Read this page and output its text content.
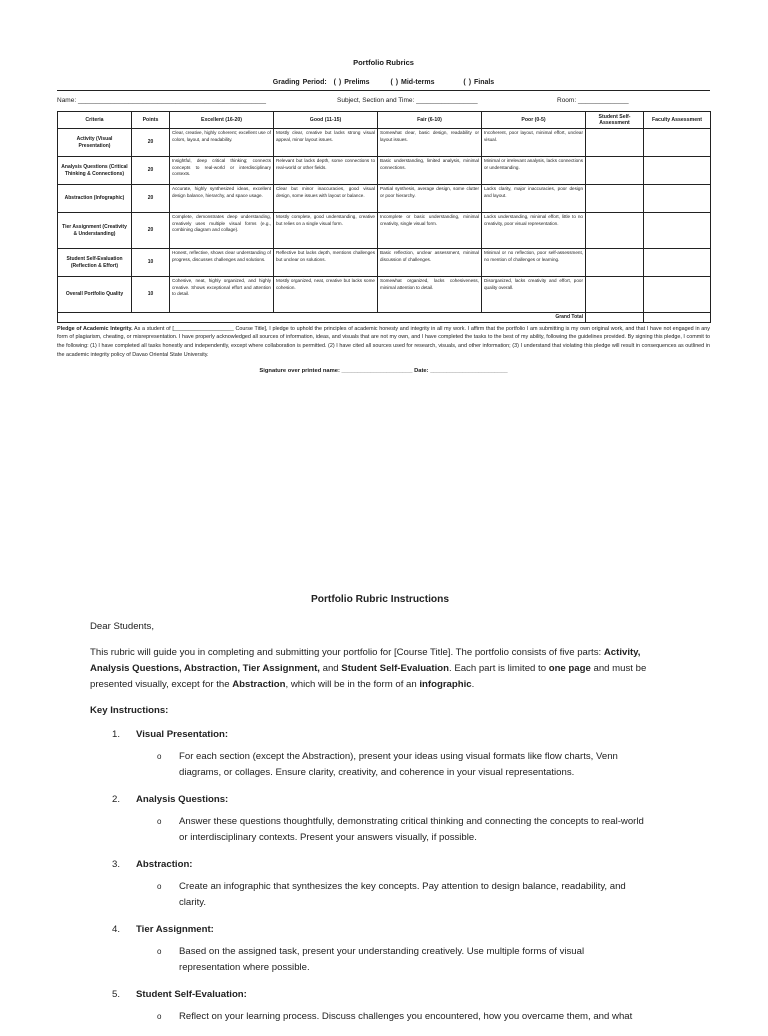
Portfolio Rubrics
Grading Period: ( ) Prelims	( ) Mid-terms	( ) Finals
Name: ____________________________________________________	Subject, Section and Time: _________________	Room: ______________
Criteria	Points	Excellent (16-20)	Good (11-15)	Fair (6-10)	Poor (0-5)	Student Self-Assessment	Faculty Assessment
Activity (Visual Presentation)	20	Clear, creative, highly coherent; excellent use of colors, layout, and readability.	Mostly clear, creative but lacks strong visual appeal, minor layout issues.	Somewhat clear, basic design, readability or layout issues.	Incoherent, poor layout, minimal effort, unclear visual.		
Analysis Questions (Critical Thinking & Connections)	20	Insightful, deep critical thinking; connects concepts to real-world or interdisciplinary contexts.	Relevant but lacks depth, some connections to real-world or other fields.	Basic understanding, limited analysis, minimal connections.	Minimal or irrelevant analysis, lacks connections or understanding.		
Abstraction (Infographic)	20	Accurate, highly synthesized ideas, excellent design balance, hierarchy, and space usage.	Clear but minor inaccuracies, good visual design, some issues with layout or balance.	Partial synthesis, average design, some clutter or poor hierarchy.	Lacks clarity, major inaccuracies, poor design and layout.		
Tier Assignment (Creativity & Understanding)	20	Complete, demonstrates deep understanding, creatively uses multiple visual forms (e.g., combining diagram and collage).	Mostly complete, good understanding, creative but relies on a single visual form.	Incomplete or basic understanding, minimal creativity, single visual form.	Lacks understanding, minimal effort, little to no creativity, poor visual representation.		
Student Self-Evaluation (Reflection & Effort)	10	Honest, reflective, shows clear understanding of progress, discusses challenges and solutions.	Reflective but lacks depth, mentions challenges but unclear on solutions.	Basic reflection, unclear assessment, minimal discussion of challenges.	Minimal or no reflection, poor self-assessment, no mention of challenges or learning.		
Overall Portfolio Quality	10	Cohesive, neat, highly organized, and highly creative. Shows exceptional effort and attention to detail.	Mostly organized, neat, creative but lacks some cohesion.	Somewhat organized, lacks cohesiveness, minimal attention to detail.	Disorganized, lacks creativity and effort, poor quality overall.		
Grand Total							
Pledge of Academic Integrity. As a student of [____________________ Course Title], I pledge to uphold the principles of academic honesty and integrity in all my work. I affirm that the portfolio I am submitting is my own original work, and that I have not engaged in any form of plagiarism, cheating, or misrepresentation. I have properly acknowledged all sources of information, ideas, and visuals that are not my own, and I have completed the tasks to the best of my ability, following the guidelines provided. By signing this pledge, I commit to the following: (1) I have completed all tasks honestly and independently, except where collaboration is permitted. (2) I have cited all sources used for research, visuals, and other information; (3) I understand that violating this pledge will result in consequences as outlined in the academic integrity policy of Davao Oriental State University.
Signature over printed name: ______________________ Date: ________________________
Portfolio Rubric Instructions
Dear Students,
This rubric will guide you in completing and submitting your portfolio for [Course Title]. The portfolio consists of five parts: Activity, Analysis Questions, Abstraction, Tier Assignment, and Student Self-Evaluation. Each part is limited to one page and must be presented visually, except for the Abstraction, which will be in the form of an infographic.
Key Instructions:
1.	Visual Presentation:
o	For each section (except the Abstraction), present your ideas using visual formats like flow charts, Venn diagrams, or collages. Ensure clarity, creativity, and coherence in your visual representations.
2.	Analysis Questions:
o	Answer these questions thoughtfully, demonstrating critical thinking and connecting the concepts to real-world or interdisciplinary contexts. Present your answers visually, if possible.
3.	Abstraction:
o	Create an infographic that synthesizes the key concepts. Pay attention to design balance, readability, and clarity.
4.	Tier Assignment:
o	Based on the assigned task, present your understanding creatively. Use multiple forms of visual representation where possible.
5.	Student Self-Evaluation:
o	Reflect on your learning process. Discuss challenges you encountered, how you overcame them, and what
